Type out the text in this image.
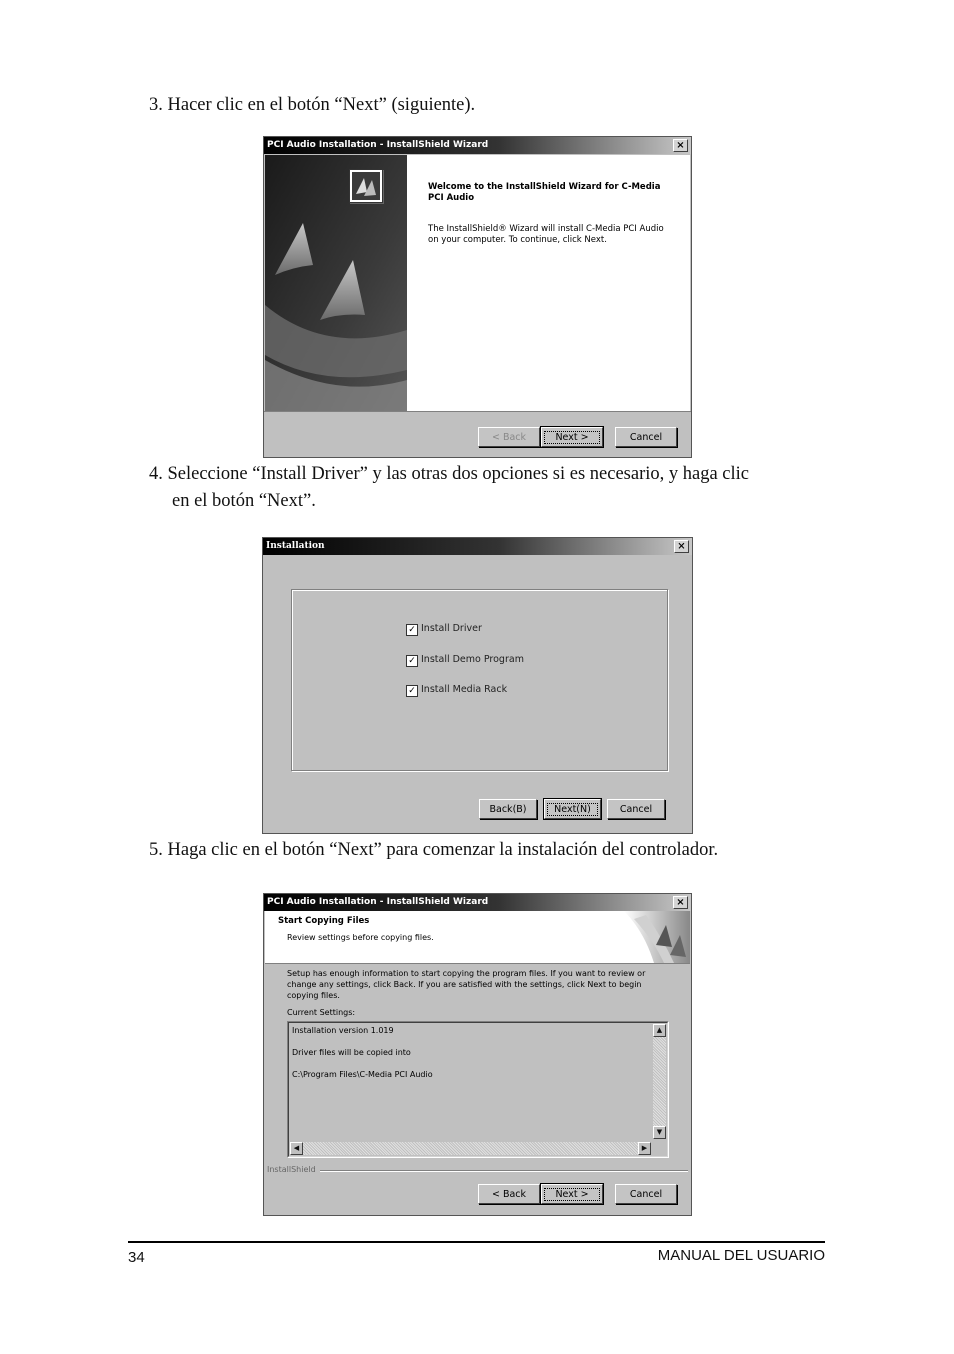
3. Hacer clic en el botón “Next” (siguiente).
PCI Audio Installation - InstallShield Wizard	×
Welcome to the InstallShield Wizard for C-Media PCI Audio
The InstallShield® Wizard will install C-Media PCI Audio on your computer. To continue, click Next.
< Back	Next >	Cancel
4. Seleccione “Install Driver” y las otras dos opciones si es necesario, y haga clic
en el botón “Next”.
Installation	×
✓ Install Driver
✓ Install Demo Program
✓ Install Media Rack
Back(B)	Next(N)	Cancel
5. Haga clic en el botón “Next” para comenzar la instalación del controlador.
PCI Audio Installation - InstallShield Wizard	×
Start Copying Files
Review settings before copying files.
Setup has enough information to start copying the program files. If you want to review or change any settings, click Back. If you are satisfied with the settings, click Next to begin copying files.
Current Settings:
Installation version 1.019
Driver files will be copied into
C:\Program Files\C-Media PCI Audio
▲
▼
◀	▶
InstallShield
< Back	Next >	Cancel
34	MANUAL DEL USUARIO
